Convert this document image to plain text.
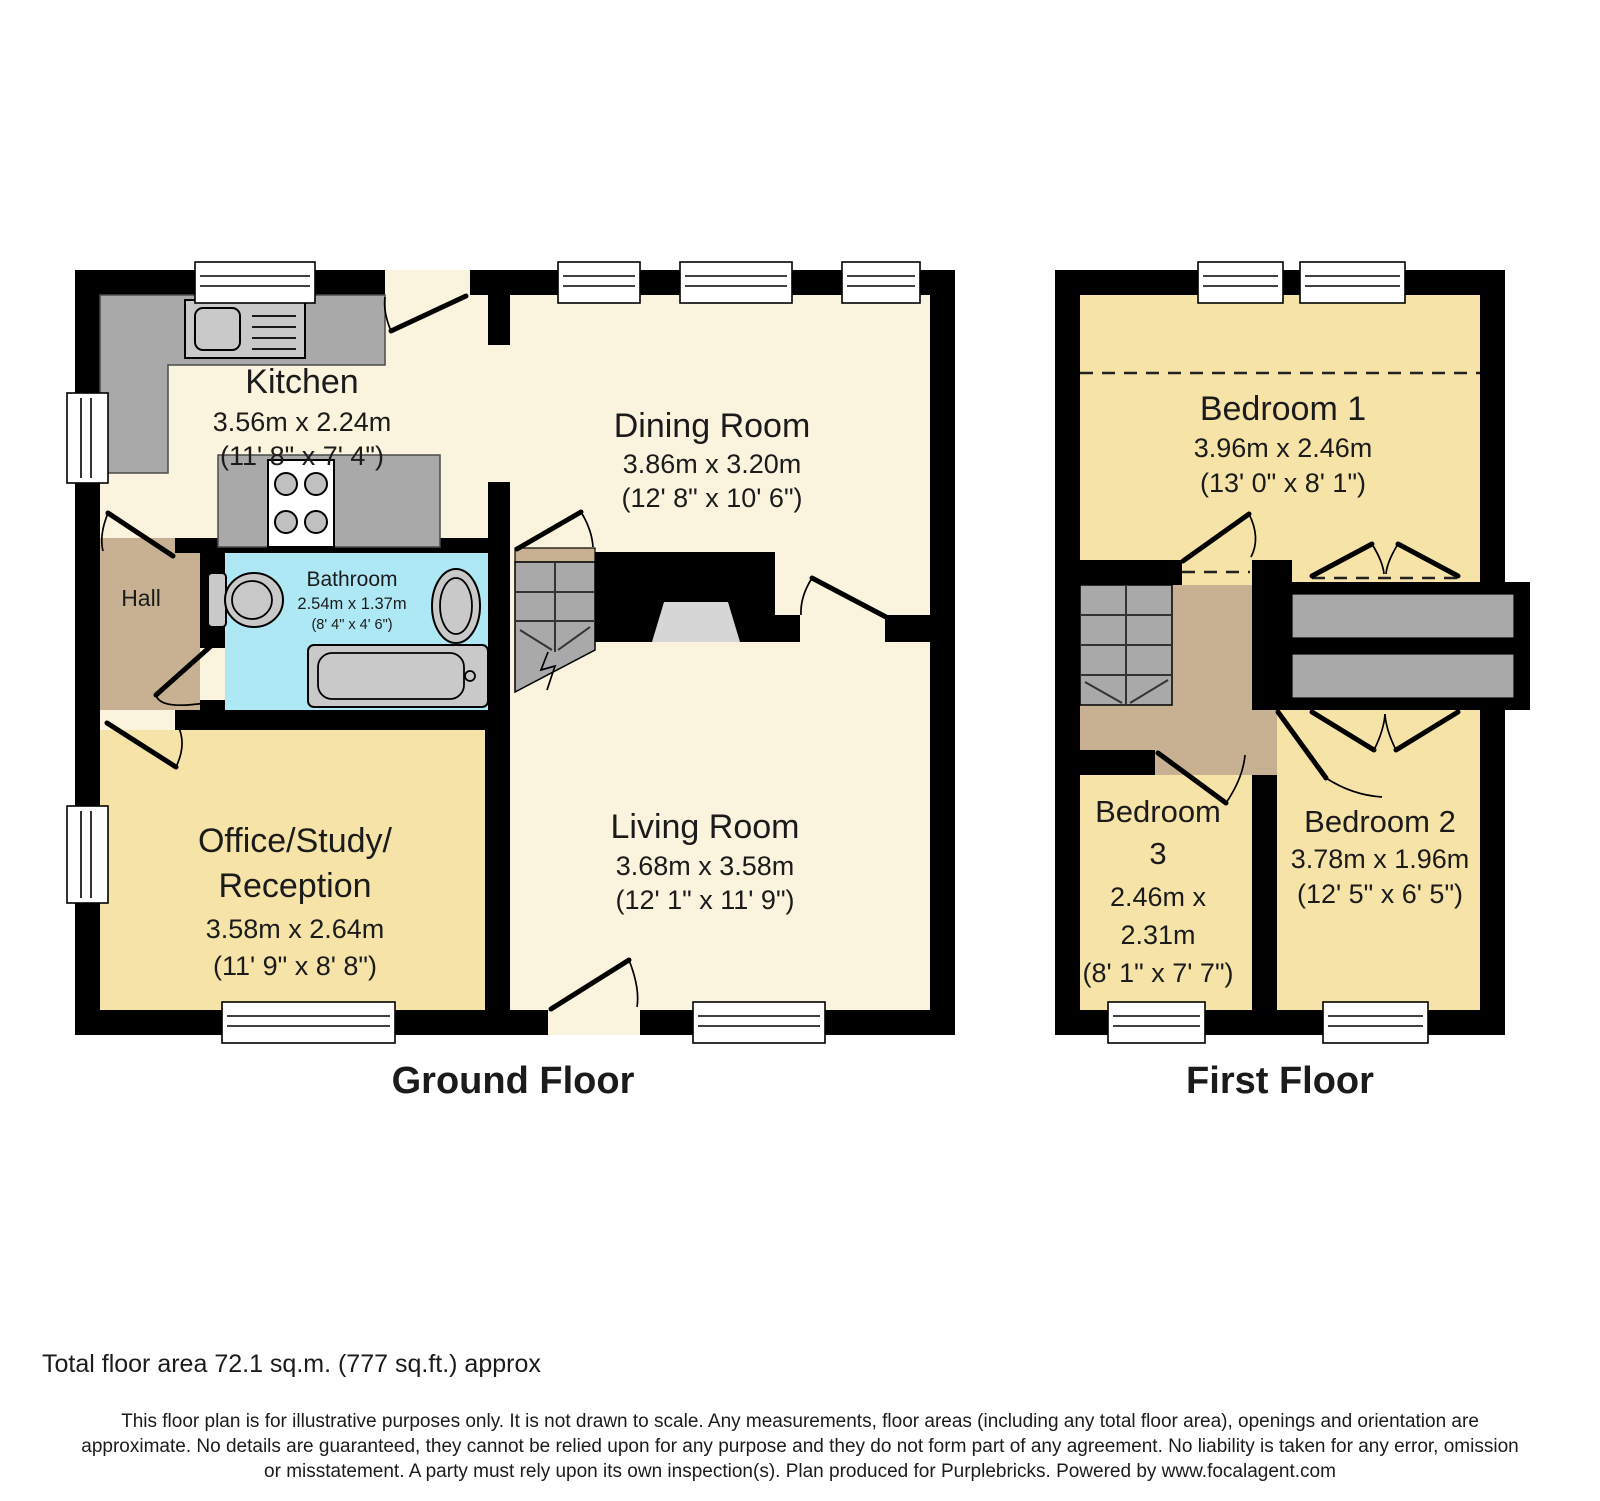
Kitchen
3.56m x 2.24m
(11' 8" x 7' 4")
Dining Room
3.86m x 3.20m
(12' 8" x 10' 6")
Bathroom
2.54m x 1.37m
(8' 4" x 4' 6")
Hall
Office/Study/
Reception
3.58m x 2.64m
(11' 9" x 8' 8")
Living Room
3.68m x 3.58m
(12' 1" x 11' 9")
Ground Floor
Bedroom 1
3.96m x 2.46m
(13' 0" x 8' 1")
Bedroom
3
2.46m x
2.31m
(8' 1" x 7' 7")
Bedroom 2
3.78m x 1.96m
(12' 5" x 6' 5")
First Floor
Total floor area 72.1 sq.m. (777 sq.ft.) approx
This floor plan is for illustrative purposes only. It is not drawn to scale. Any measurements, floor areas (including any total floor area), openings and orientation are
approximate. No details are guaranteed, they cannot be relied upon for any purpose and they do not form part of any agreement. No liability is taken for any error, omission
or misstatement. A party must rely upon its own inspection(s). Plan produced for Purplebricks. Powered by www.focalagent.com
